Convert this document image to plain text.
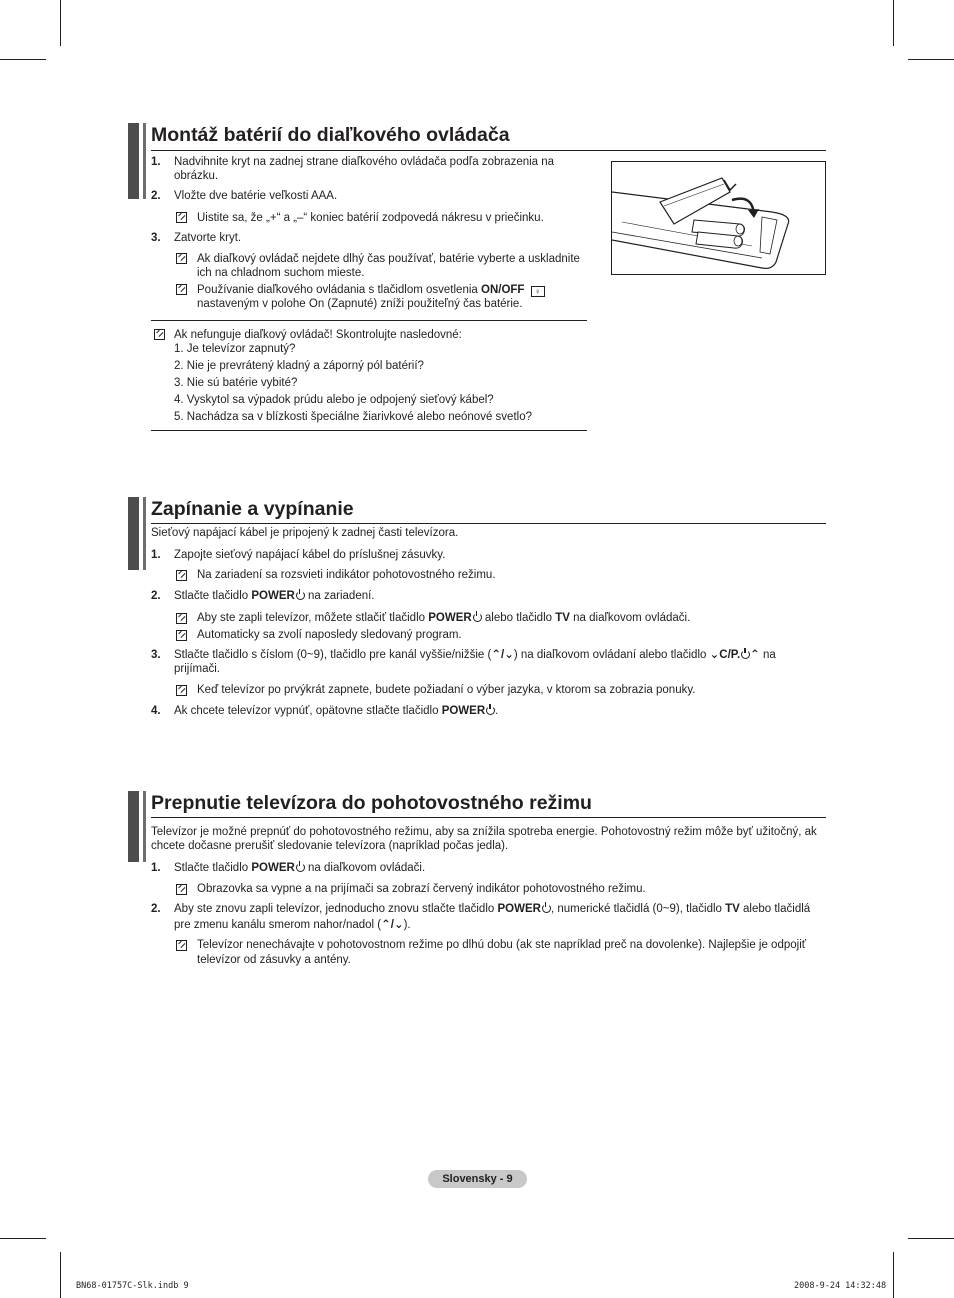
Montáž batérií do diaľkového ovládača
1. Nadvihnite kryt na zadnej strane diaľkového ovládača podľa zobrazenia na
obrázku.
2. Vložte dve batérie veľkosti AAA.
Uistite sa, že „+“ a „–“ koniec batérií zodpovedá nákresu v priečinku.
3. Zatvorte kryt.
Ak diaľkový ovládač nejdete dlhý čas používať, batérie vyberte a uskladnite
ich na chladnom suchom mieste.
Používanie diaľkového ovládania s tlačidlom osvetlenia ON/OFF ♀
nastaveným v polohe On (Zapnuté) zníži použiteľný čas batérie.
Ak nefunguje diaľkový ovládač! Skontrolujte nasledovné:
1. Je televízor zapnutý?
2. Nie je prevrátený kladný a záporný pól batérií?
3. Nie sú batérie vybité?
4. Vyskytol sa výpadok prúdu alebo je odpojený sieťový kábel?
5. Nachádza sa v blízkosti špeciálne žiarivkové alebo neónové svetlo?
Zapínanie a vypínanie
Sieťový napájací kábel je pripojený k zadnej časti televízora.
1. Zapojte sieťový napájací kábel do príslušnej zásuvky.
Na zariadení sa rozsvieti indikátor pohotovostného režimu.
2. Stlačte tlačidlo POWER na zariadení.
Aby ste zapli televízor, môžete stlačiť tlačidlo POWER alebo tlačidlo TV na diaľkovom ovládači.
Automaticky sa zvolí naposledy sledovaný program.
3. Stlačte tlačidlo s číslom (0~9), tlačidlo pre kanál vyššie/nižšie (⌃/⌄) na diaľkovom ovládaní alebo tlačidlo ⌄C/P. ⌃ na
prijímači.
Keď televízor po prvýkrát zapnete, budete požiadaní o výber jazyka, v ktorom sa zobrazia ponuky.
4. Ak chcete televízor vypnúť, opätovne stlačte tlačidlo POWER .
Prepnutie televízora do pohotovostného režimu
Televízor je možné prepnúť do pohotovostného režimu, aby sa znížila spotreba energie. Pohotovostný režim môže byť užitočný, ak
chcete dočasne prerušiť sledovanie televízora (napríklad počas jedla).
1. Stlačte tlačidlo POWER na diaľkovom ovládači.
Obrazovka sa vypne a na prijímači sa zobrazí červený indikátor pohotovostného režimu.
2. Aby ste znovu zapli televízor, jednoducho znovu stlačte tlačidlo POWER , numerické tlačidlá (0~9), tlačidlo TV alebo tlačidlá
pre zmenu kanálu smerom nahor/nadol (⌃/⌄).
Televízor nenechávajte v pohotovostnom režime po dlhú dobu (ak ste napríklad preč na dovolenke). Najlepšie je odpojiť
televízor od zásuvky a antény.
Slovensky - 9
BN68-01757C-Slk.indb 9	2008-9-24 14:32:48
